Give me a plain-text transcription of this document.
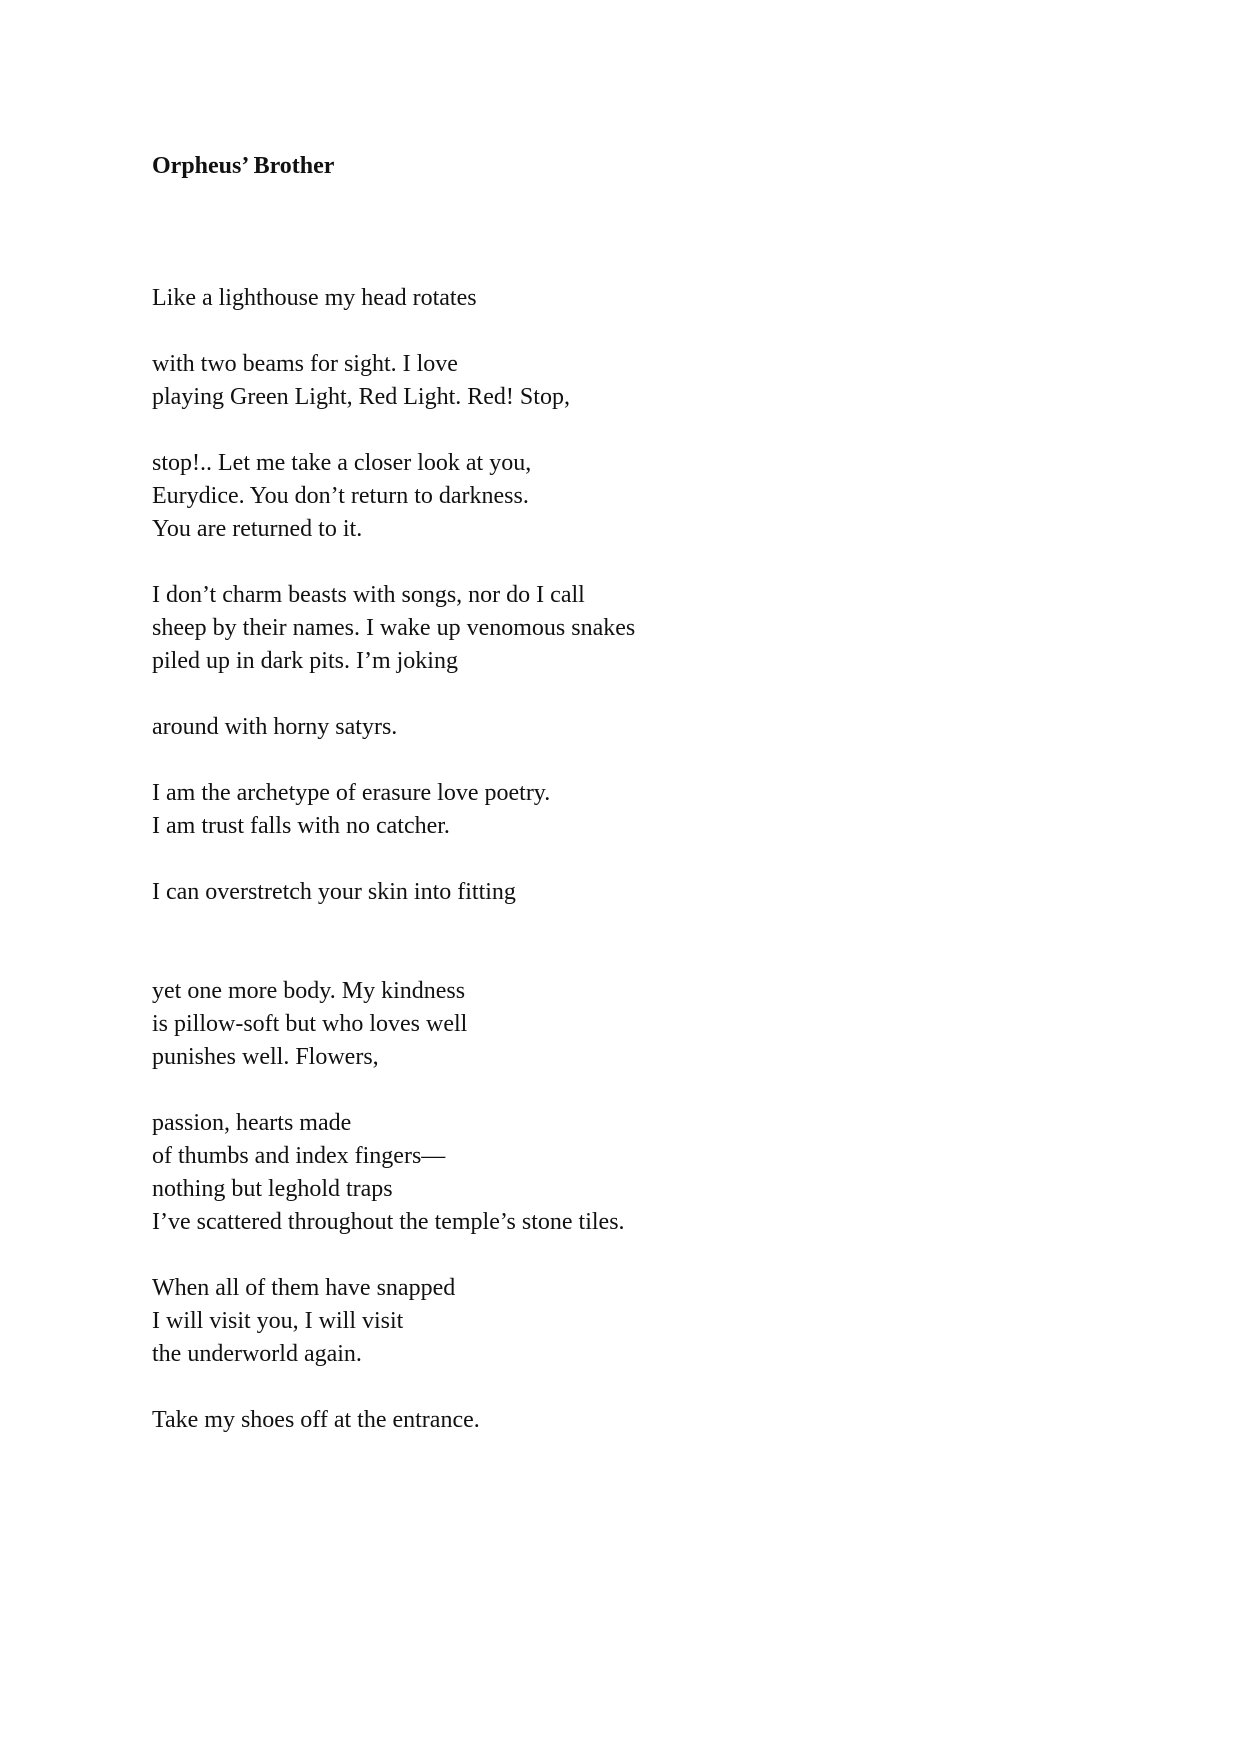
Orpheus’ Brother

Like a lighthouse my head rotates

with two beams for sight. I love

playing Green Light, Red Light. Red! Stop,

stop!.. Let me take a closer look at you,

Eurydice. You don’t return to darkness.

You are returned to it.

I don’t charm beasts with songs, nor do I call

sheep by their names. I wake up venomous snakes

piled up in dark pits. I’m joking

around with horny satyrs.

I am the archetype of erasure love poetry.

I am trust falls with no catcher.

I can overstretch your skin into fitting

yet one more body. My kindness

is pillow-soft but who loves well

punishes well. Flowers,

passion, hearts made

of thumbs and index fingers—

nothing but leghold traps

I’ve scattered throughout the temple’s stone tiles.

When all of them have snapped

I will visit you, I will visit

the underworld again.

Take my shoes off at the entrance.
